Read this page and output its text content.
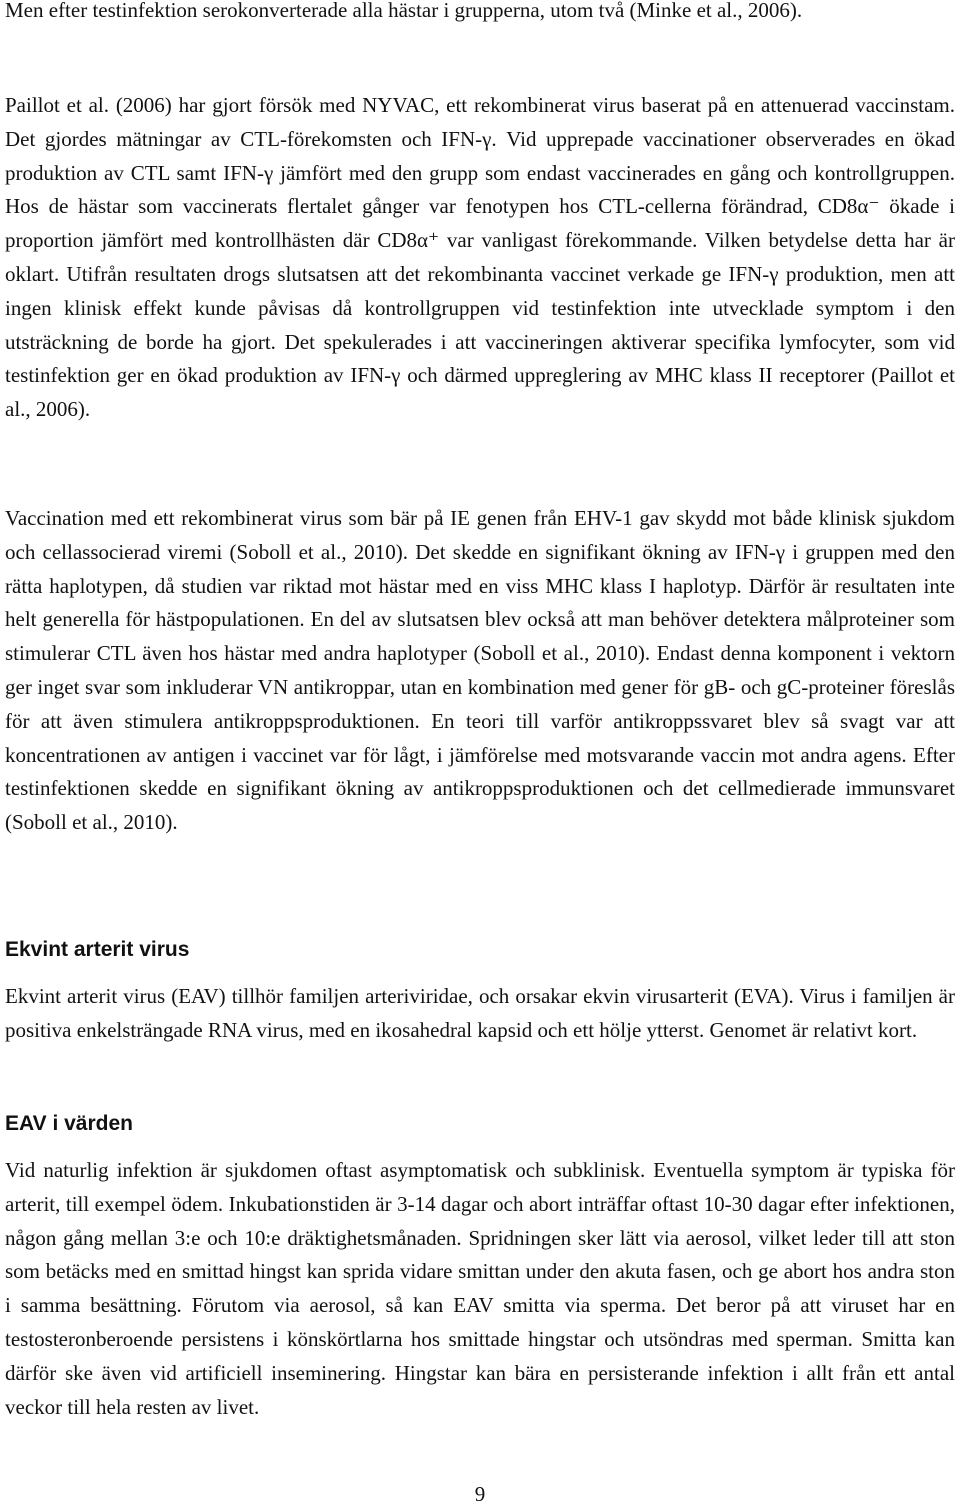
Men efter testinfektion serokonverterade alla hästar i grupperna, utom två (Minke et al., 2006).

Paillot et al. (2006) har gjort försök med NYVAC, ett rekombinerat virus baserat på en attenuerad vaccinstam. Det gjordes mätningar av CTL-förekomsten och IFN-γ. Vid upprepade vaccinationer observerades en ökad produktion av CTL samt IFN-γ jämfört med den grupp som endast vaccinerades en gång och kontrollgruppen. Hos de hästar som vaccinerats flertalet gånger var fenotypen hos CTL-cellerna förändrad, CD8α⁻ ökade i proportion jämfört med kontrollhästen där CD8α⁺ var vanligast förekommande. Vilken betydelse detta har är oklart. Utifrån resultaten drogs slutsatsen att det rekombinanta vaccinet verkade ge IFN-γ produktion, men att ingen klinisk effekt kunde påvisas då kontrollgruppen vid testinfektion inte utvecklade symptom i den utsträckning de borde ha gjort. Det spekulerades i att vaccineringen aktiverar specifika lymfocyter, som vid testinfektion ger en ökad produktion av IFN-γ och därmed uppreglering av MHC klass II receptorer (Paillot et al., 2006).

Vaccination med ett rekombinerat virus som bär på IE genen från EHV-1 gav skydd mot både klinisk sjukdom och cellassocierad viremi (Soboll et al., 2010). Det skedde en signifikant ökning av IFN-γ i gruppen med den rätta haplotypen, då studien var riktad mot hästar med en viss MHC klass I haplotyp. Därför är resultaten inte helt generella för hästpopulationen. En del av slutsatsen blev också att man behöver detektera målproteiner som stimulerar CTL även hos hästar med andra haplotyper (Soboll et al., 2010). Endast denna komponent i vektorn ger inget svar som inkluderar VN antikroppar, utan en kombination med gener för gB- och gC-proteiner föreslås för att även stimulera antikroppsproduktionen. En teori till varför antikroppssvaret blev så svagt var att koncentrationen av antigen i vaccinet var för lågt, i jämförelse med motsvarande vaccin mot andra agens. Efter testinfektionen skedde en signifikant ökning av antikroppsproduktionen och det cellmedierade immunsvaret (Soboll et al., 2010).

Ekvint arterit virus

Ekvint arterit virus (EAV) tillhör familjen arteriviridae, och orsakar ekvin virusarterit (EVA). Virus i familjen är positiva enkelsträngade RNA virus, med en ikosahedral kapsid och ett hölje ytterst. Genomet är relativt kort.

EAV i värden

Vid naturlig infektion är sjukdomen oftast asymptomatisk och subklinisk. Eventuella symptom är typiska för arterit, till exempel ödem. Inkubationstiden är 3-14 dagar och abort inträffar oftast 10-30 dagar efter infektionen, någon gång mellan 3:e och 10:e dräktighetsmånaden. Spridningen sker lätt via aerosol, vilket leder till att ston som betäcks med en smittad hingst kan sprida vidare smittan under den akuta fasen, och ge abort hos andra ston i samma besättning. Förutom via aerosol, så kan EAV smitta via sperma. Det beror på att viruset har en testosteronberoende persistens i könskörtlarna hos smittade hingstar och utsöndras med sperman. Smitta kan därför ske även vid artificiell inseminering. Hingstar kan bära en persisterande infektion i allt från ett antal veckor till hela resten av livet.

9
